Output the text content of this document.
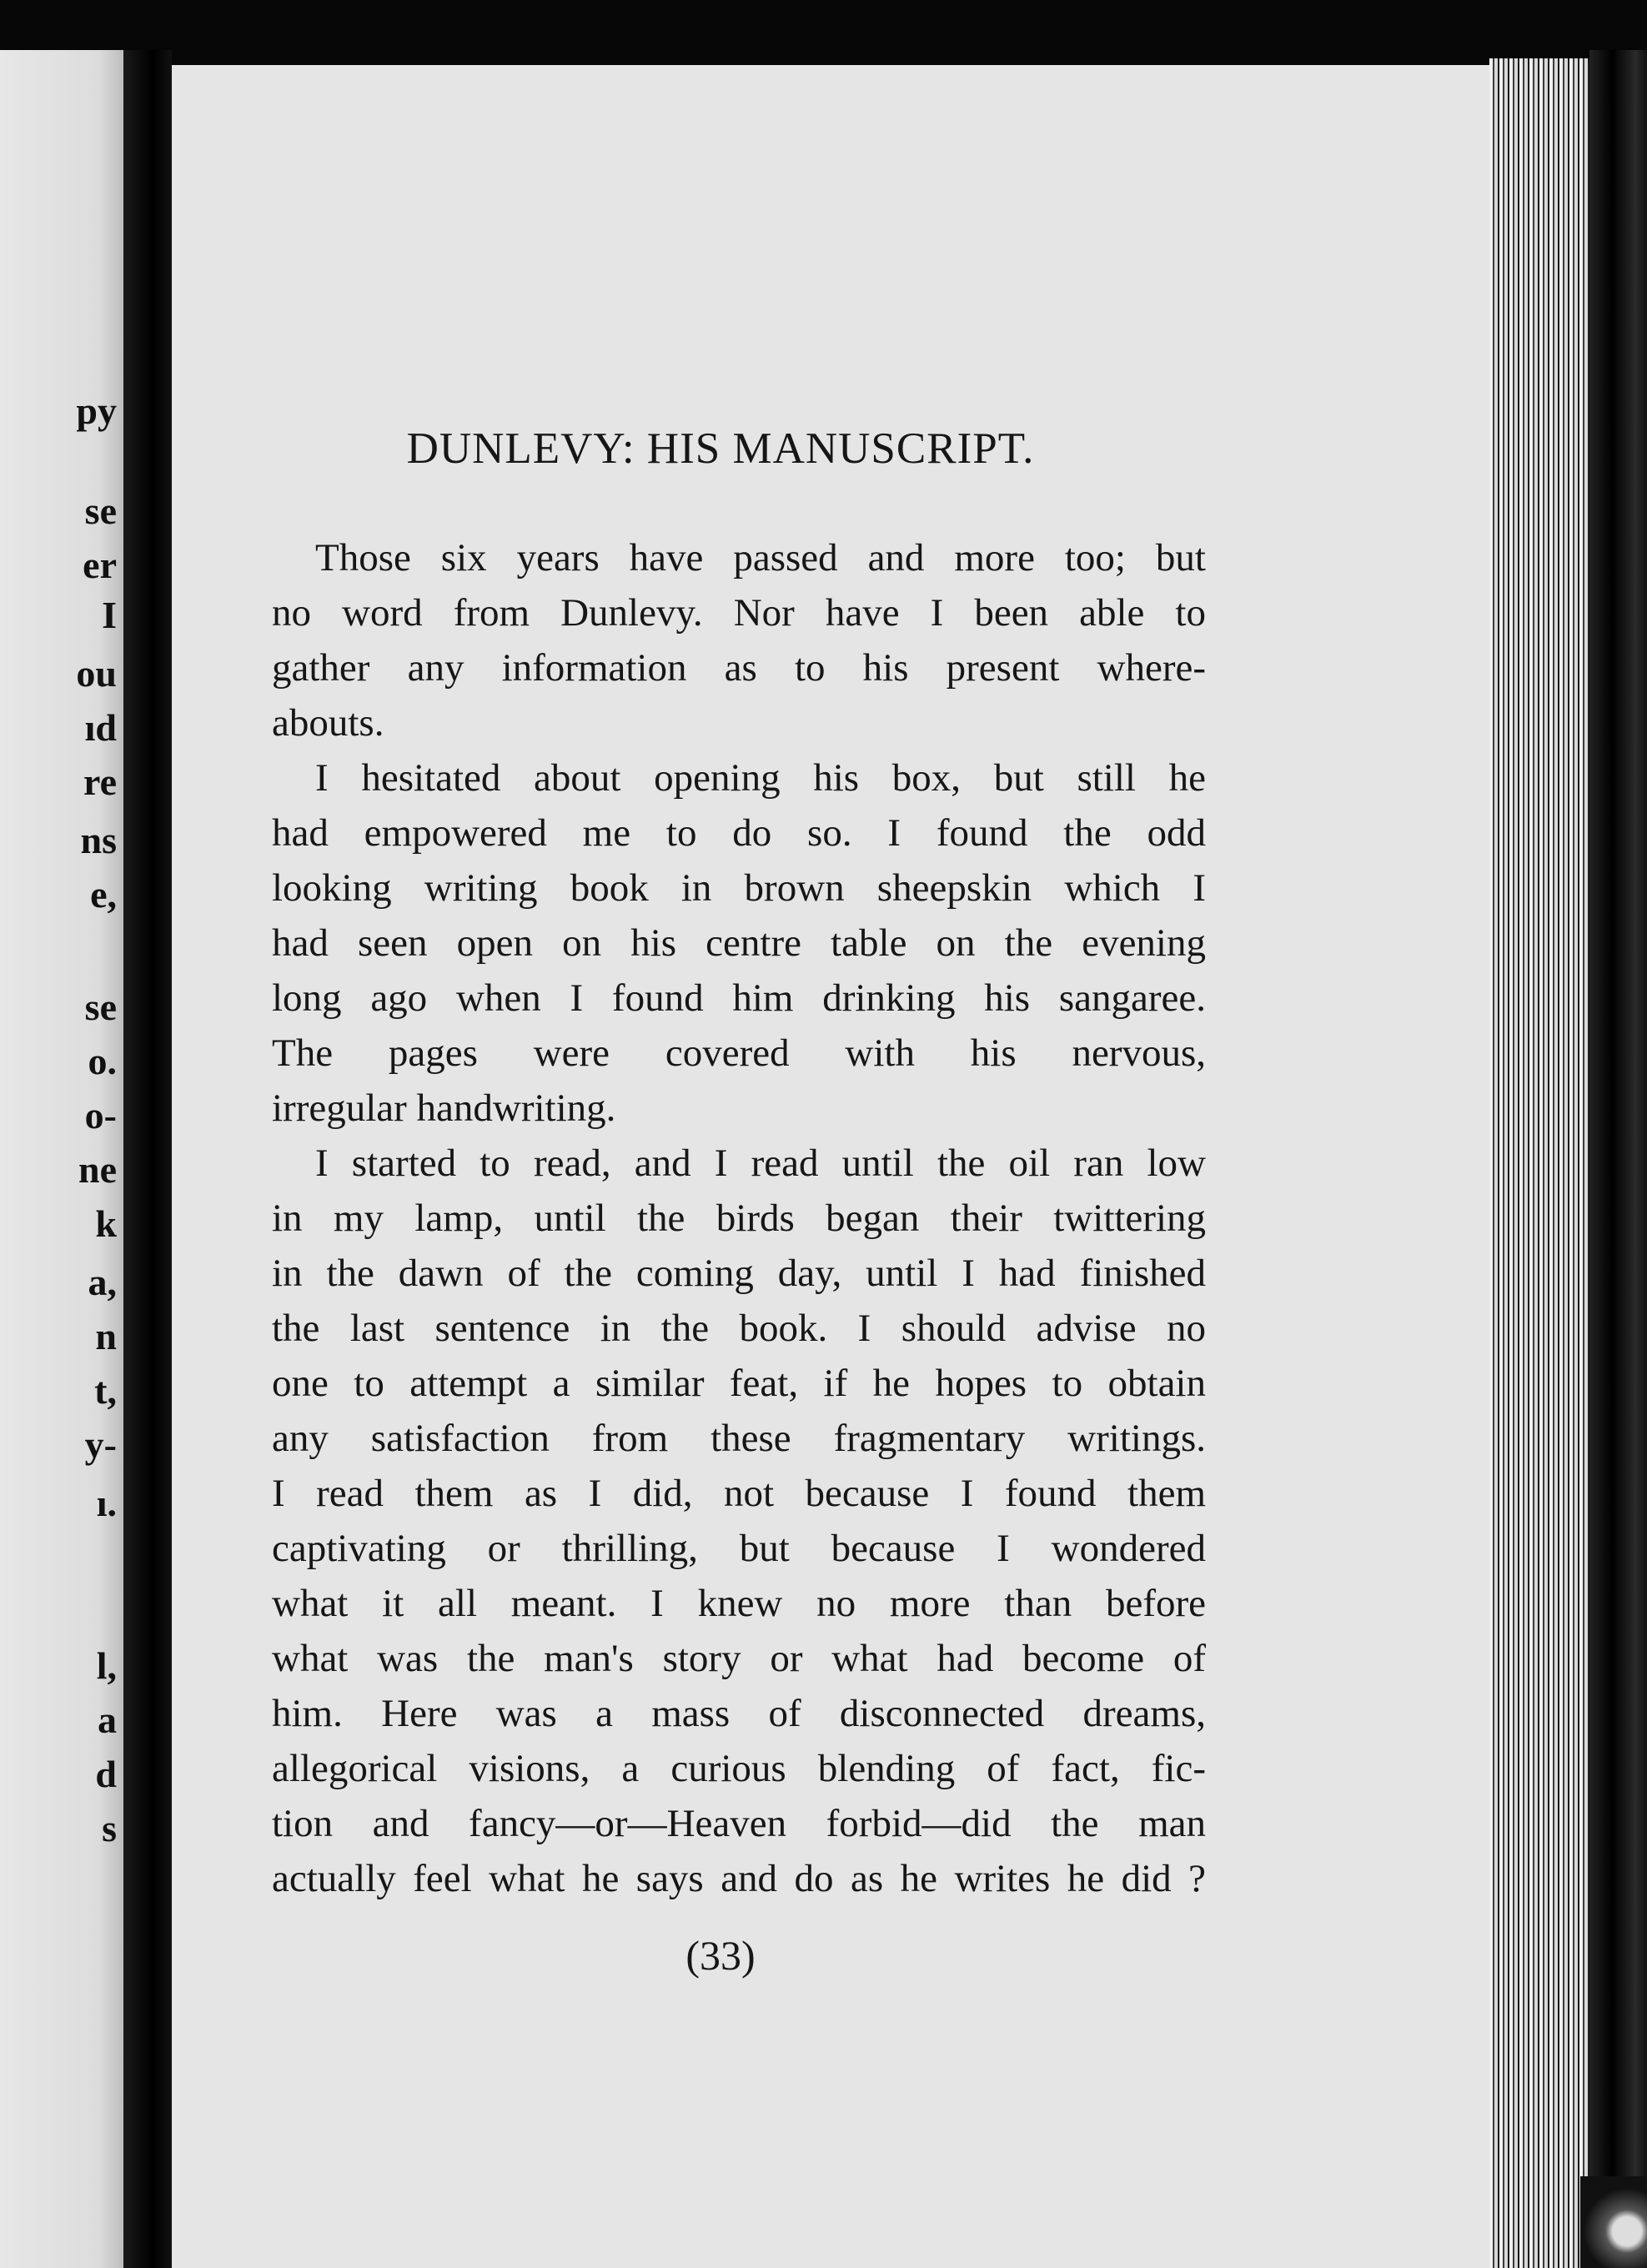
py

se

er

I

ou

ıd

re

ns

e,

se

o.

o-

ne

k

a,

n

t,

y-

ı.

l,

a

d

s

DUNLEVY: HIS MANUSCRIPT.

Those six years have passed and more too; but

no word from Dunlevy. Nor have I been able to

gather any information as to his present where-

abouts.

I hesitated about opening his box, but still he

had empowered me to do so. I found the odd

looking writing book in brown sheepskin which I

had seen open on his centre table on the evening

long ago when I found him drinking his sangaree.

The pages were covered with his nervous,

irregular handwriting.

I started to read, and I read until the oil ran low

in my lamp, until the birds began their twittering

in the dawn of the coming day, until I had finished

the last sentence in the book. I should advise no

one to attempt a similar feat, if he hopes to obtain

any satisfaction from these fragmentary writings.

I read them as I did, not because I found them

captivating or thrilling, but because I wondered

what it all meant. I knew no more than before

what was the man's story or what had become of

him. Here was a mass of disconnected dreams,

allegorical visions, a curious blending of fact, fic-

tion and fancy—or—Heaven forbid—did the man

actually feel what he says and do as he writes he did ?

(33)
